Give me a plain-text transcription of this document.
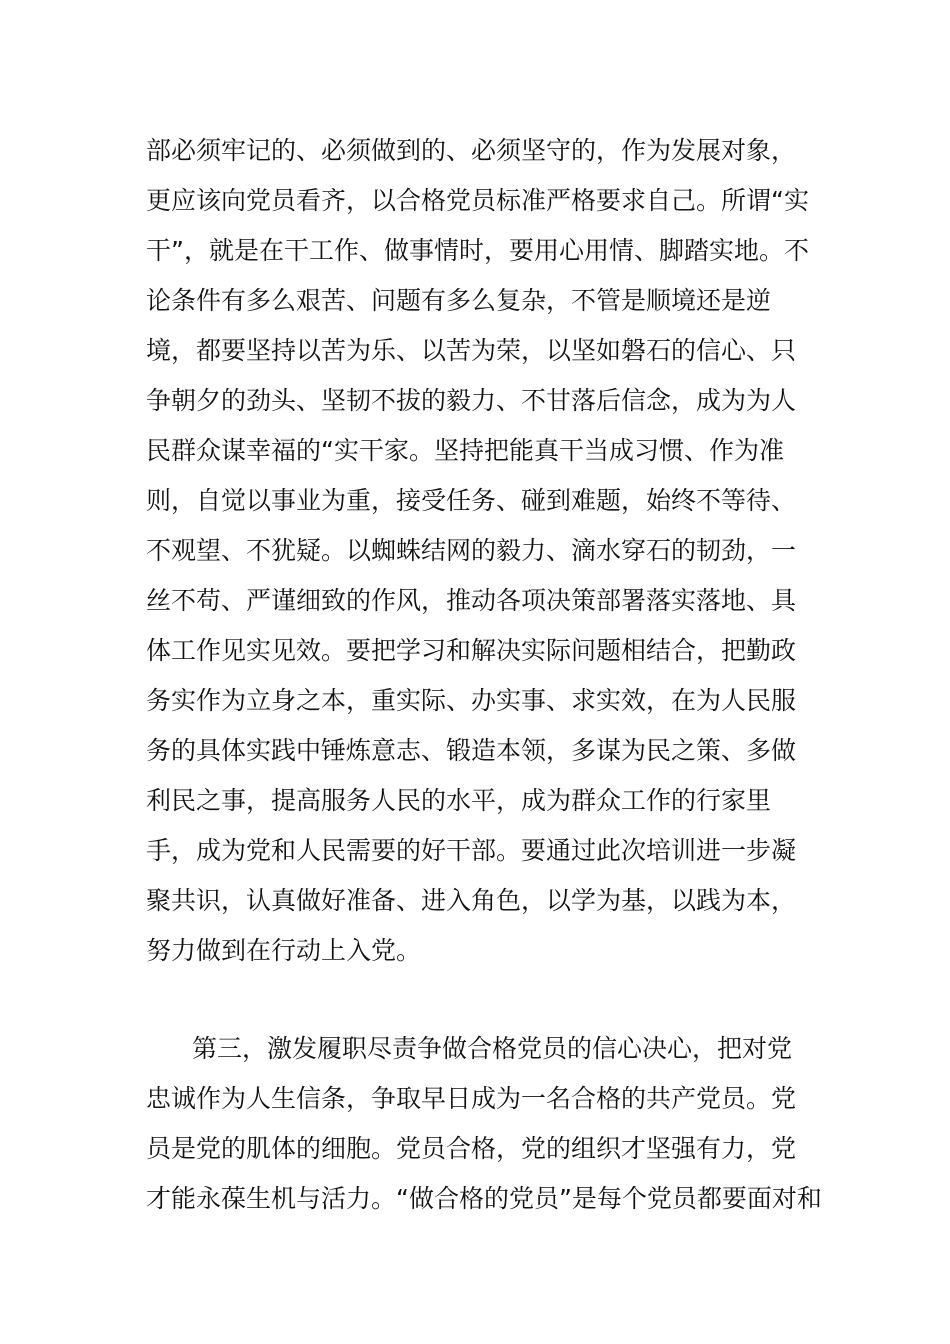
部必须牢记的、必须做到的、必须坚守的，作为发展对象，
更应该向党员看齐，以合格党员标准严格要求自己。所谓“实
干”，就是在干工作、做事情时，要用心用情、脚踏实地。不
论条件有多么艰苦、问题有多么复杂，不管是顺境还是逆
境，都要坚持以苦为乐、以苦为荣，以坚如磐石的信心、只
争朝夕的劲头、坚韧不拔的毅力、不甘落后信念，成为为人
民群众谋幸福的“实干家。坚持把能真干当成习惯、作为准
则，自觉以事业为重，接受任务、碰到难题，始终不等待、
不观望、不犹疑。以蜘蛛结网的毅力、滴水穿石的韧劲，一
丝不苟、严谨细致的作风，推动各项决策部署落实落地、具
体工作见实见效。要把学习和解决实际问题相结合，把勤政
务实作为立身之本，重实际、办实事、求实效，在为人民服
务的具体实践中锤炼意志、锻造本领，多谋为民之策、多做
利民之事，提高服务人民的水平，成为群众工作的行家里
手，成为党和人民需要的好干部。要通过此次培训进一步凝
聚共识，认真做好准备、进入角色，以学为基，以践为本，
努力做到在行动上入党。
第三，激发履职尽责争做合格党员的信心决心，把对党
忠诚作为人生信条，争取早日成为一名合格的共产党员。党
员是党的肌体的细胞。党员合格，党的组织才坚强有力，党
才能永葆生机与活力。“做合格的党员”是每个党员都要面对和
